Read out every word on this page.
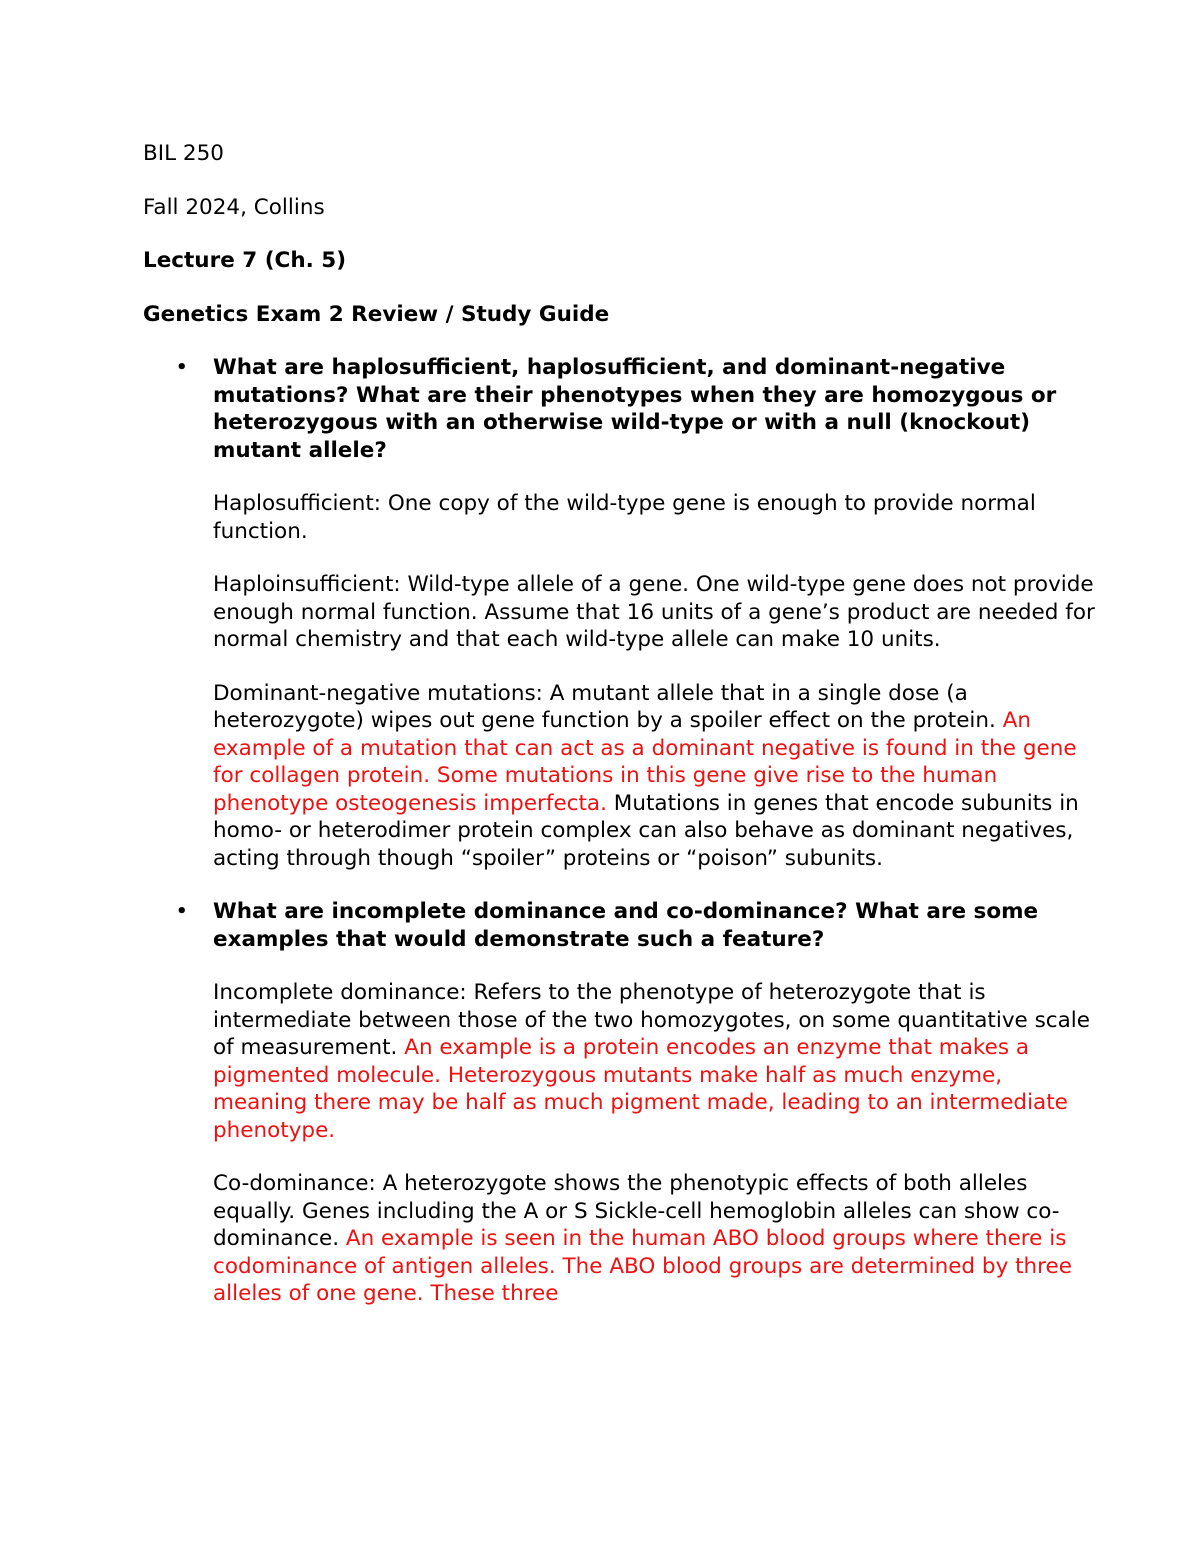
BIL 250

Fall 2024, Collins

Lecture 7 (Ch. 5)

Genetics Exam 2 Review / Study Guide

• What are haplosufficient, haplosufficient, and dominant-negative mutations? What are their phenotypes when they are homozygous or heterozygous with an otherwise wild-type or with a null (knockout) mutant allele?

Haplosufficient: One copy of the wild-type gene is enough to provide normal function.

Haploinsufficient: Wild-type allele of a gene. One wild-type gene does not provide enough normal function. Assume that 16 units of a gene’s product are needed for normal chemistry and that each wild-type allele can make 10 units.

Dominant-negative mutations: A mutant allele that in a single dose (a heterozygote) wipes out gene function by a spoiler effect on the protein. An example of a mutation that can act as a dominant negative is found in the gene for collagen protein. Some mutations in this gene give rise to the human phenotype osteogenesis imperfecta. Mutations in genes that encode subunits in homo- or heterodimer protein complex can also behave as dominant negatives, acting through though “spoiler” proteins or “poison” subunits.

• What are incomplete dominance and co-dominance? What are some examples that would demonstrate such a feature?

Incomplete dominance: Refers to the phenotype of heterozygote that is intermediate between those of the two homozygotes, on some quantitative scale of measurement. An example is a protein encodes an enzyme that makes a pigmented molecule. Heterozygous mutants make half as much enzyme, meaning there may be half as much pigment made, leading to an intermediate phenotype.

Co-dominance: A heterozygote shows the phenotypic effects of both alleles equally. Genes including the A or S Sickle-cell hemoglobin alleles can show co-dominance. An example is seen in the human ABO blood groups where there is codominance of antigen alleles. The ABO blood groups are determined by three alleles of one gene. These three
